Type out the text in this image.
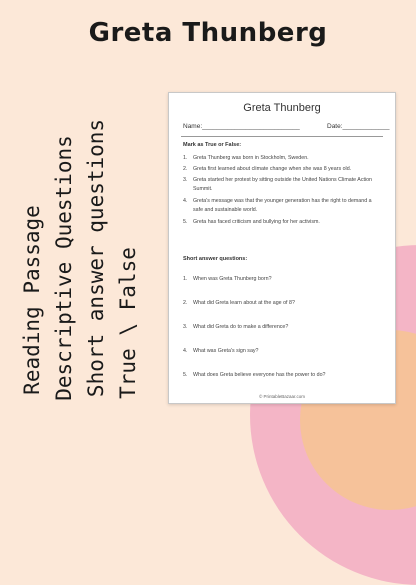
Greta Thunberg
Reading Passage Descriptive Questions Short answer questions True \ False
Greta Thunberg
Name:___________________________	Date:_____________
Mark as True or False:
1. Greta Thunberg was born in Stockholm, Sweden.
2. Greta first learned about climate change when she was 8 years old.
3. Greta started her protest by sitting outside the United Nations Climate Action Summit.
4. Greta's message was that the younger generation has the right to demand a safe and sustainable world.
5. Greta has faced criticism and bullying for her activism.
Short answer questions:
1. When was Greta Thunberg born?
2. What did Greta learn about at the age of 8?
3. What did Greta do to make a difference?
4. What was Greta's sign say?
5. What does Greta believe everyone has the power to do?
© PrintableBazaar.com
